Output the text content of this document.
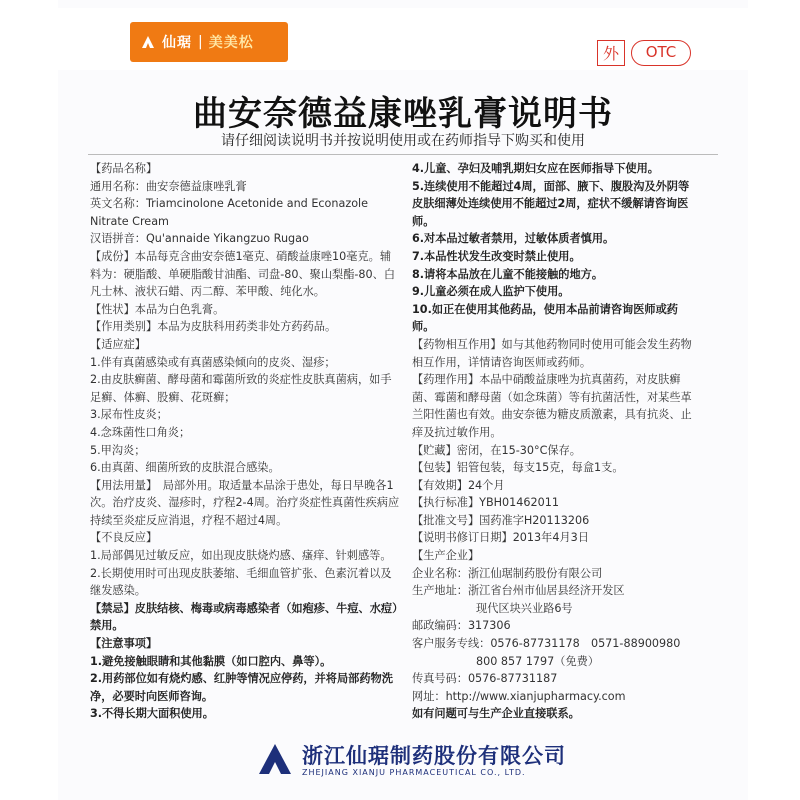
仙琚 | 美美松
外	OTC
曲安奈德益康唑乳膏说明书
请仔细阅读说明书并按说明使用或在药师指导下购买和使用

【药品名称】

通用名称：曲安奈德益康唑乳膏

英文名称：Triamcinolone Acetonide and Econazole

Nitrate Cream

汉语拼音：Qu'annaide Yikangzuo Rugao

【成份】本品每克含曲安奈德1毫克、硝酸益康唑10毫克。辅料为：硬脂酸、单硬脂酸甘油酯、司盘-80、聚山梨酯-80、白凡士林、液状石蜡、丙二醇、苯甲酸、纯化水。

【性状】本品为白色乳膏。

【作用类别】本品为皮肤科用药类非处方药药品。

【适应症】

1.伴有真菌感染或有真菌感染倾向的皮炎、湿疹；

2.由皮肤癣菌、酵母菌和霉菌所致的炎症性皮肤真菌病，如手足癣、体癣、股癣、花斑癣；

3.尿布性皮炎；

4.念珠菌性口角炎；

5.甲沟炎；

6.由真菌、细菌所致的皮肤混合感染。

【用法用量】　局部外用。取适量本品涂于患处，每日早晚各1次。治疗皮炎、湿疹时，疗程2-4周。治疗炎症性真菌性疾病应持续至炎症反应消退，疗程不超过4周。

【不良反应】

1.局部偶见过敏反应，如出现皮肤烧灼感、瘙痒、针刺感等。

2.长期使用时可出现皮肤萎缩、毛细血管扩张、色素沉着以及继发感染。

【禁忌】皮肤结核、梅毒或病毒感染者（如疱疹、牛痘、水痘）禁用。

【注意事项】

1.避免接触眼睛和其他黏膜（如口腔内、鼻等）。

2.用药部位如有烧灼感、红肿等情况应停药，并将局部药物洗净，必要时向医师咨询。

3.不得长期大面积使用。

4.儿童、孕妇及哺乳期妇女应在医师指导下使用。

5.连续使用不能超过4周，面部、腋下、腹股沟及外阴等皮肤细薄处连续使用不能超过2周，症状不缓解请咨询医师。

6.对本品过敏者禁用，过敏体质者慎用。

7.本品性状发生改变时禁止使用。

8.请将本品放在儿童不能接触的地方。

9.儿童必须在成人监护下使用。

10.如正在使用其他药品，使用本品前请咨询医师或药师。

【药物相互作用】如与其他药物同时使用可能会发生药物相互作用，详情请咨询医师或药师。

【药理作用】本品中硝酸益康唑为抗真菌药，对皮肤癣菌、霉菌和酵母菌（如念珠菌）等有抗菌活性，对某些革兰阳性菌也有效。曲安奈德为糖皮质激素，具有抗炎、止痒及抗过敏作用。

【贮藏】密闭，在15-30°C保存。

【包装】铝管包装，每支15克，每盒1支。

【有效期】24个月

【执行标准】YBH01462011

【批准文号】国药准字H20113206

【说明书修订日期】2013年4月3日

【生产企业】

企业名称：浙江仙琚制药股份有限公司

生产地址：浙江省台州市仙居县经济开发区

现代区块兴业路6号

邮政编码：317306

客户服务专线：0576-87731178　0571-88900980

800 857 1797（免费）

传真号码：0576-87731187

网址：http://www.xianjupharmacy.com

如有问题可与生产企业直接联系。

浙江仙琚制药股份有限公司
ZHEJIANG XIANJU PHARMACEUTICAL CO., LTD.
